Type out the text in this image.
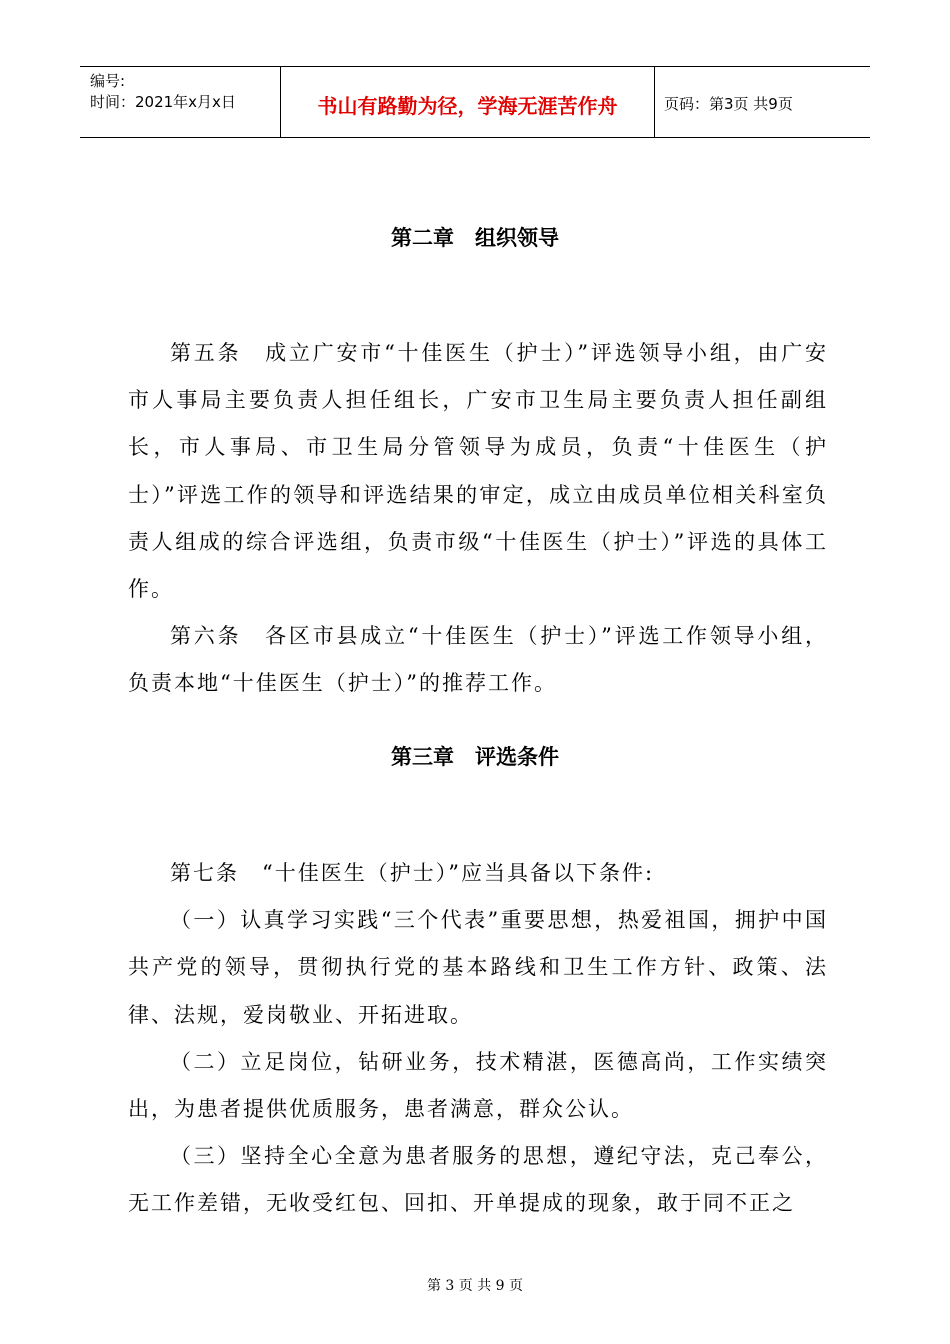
编号:
时间：2021年x月x日	书山有路勤为径，学海无涯苦作舟	页码：第3页 共9页
第二章　组织领导

第五条　成立广安市“十佳医生（护士）”评选领导小组，由广安市人事局主要负责人担任组长，广安市卫生局主要负责人担任副组长，市人事局、市卫生局分管领导为成员，负责“十佳医生（护士）”评选工作的领导和评选结果的审定，成立由成员单位相关科室负责人组成的综合评选组，负责市级“十佳医生（护士）”评选的具体工作。

第六条　各区市县成立“十佳医生（护士）”评选工作领导小组，负责本地“十佳医生（护士）”的推荐工作。

第三章　评选条件

第七条　“十佳医生（护士）”应当具备以下条件:

（一）认真学习实践“三个代表”重要思想，热爱祖国，拥护中国共产党的领导，贯彻执行党的基本路线和卫生工作方针、政策、法律、法规，爱岗敬业、开拓进取。

（二）立足岗位，钻研业务，技术精湛，医德高尚，工作实绩突出，为患者提供优质服务，患者满意，群众公认。

（三）坚持全心全意为患者服务的思想，遵纪守法，克己奉公，无工作差错，无收受红包、回扣、开单提成的现象，敢于同不正之

第 3 页 共 9 页
